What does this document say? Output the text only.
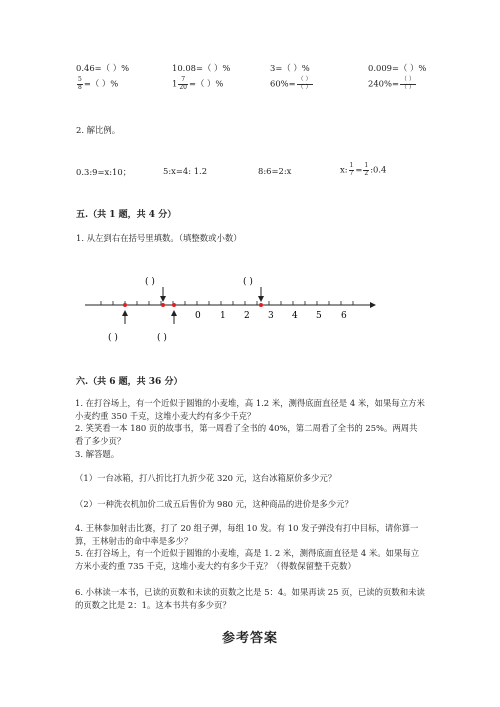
0.46=（ ）%	10.08=（ ）%	3=（ ）%	0.009=（ ）%
$\frac{5}{8}$ =（ ）%	$1 \frac{7}{20}$ =（ ）%	$60\%= \frac{( )}{( )}$	$240\%= \frac{( )}{( )}$
2. 解比例。
0.3:9=x:10；	5:x=4: 1.2	8:6=2:x	x: $\frac{1}{7} = \frac{1}{2}$ :0.4
五.（共 1 题，共 4 分）
1. 从左到右在括号里填数。（填整数或小数）
( )	( )
0 1 2 3 4 5 6
( )	( )
六.（共 6 题，共 36 分）
1. 在打谷场上，有一个近似于圆锥的小麦堆，高 1.2 米，测得底面直径是 4 米，如果每立方米小麦约重 350 千克，这堆小麦大约有多少千克？
2. 笑笑看一本 180 页的故事书，第一周看了全书的 40%，第二周看了全书的 25%。两周共看了多少页？
3. 解答题。
（1）一台冰箱，打八折比打九折少花 320 元，这台冰箱原价多少元？
（2）一种洗衣机加价二成五后售价为 980 元，这种商品的进价是多少元？
4. 王林参加射击比赛，打了 20 组子弹，每组 10 发。有 10 发子弹没有打中目标，请你算一算，王林射击的命中率是多少？
5. 在打谷场上，有一个近似于圆锥的小麦堆，高是 1. 2 米，测得底面直径是 4 米。如果每立方米小麦约重 735 千克，这堆小麦大约有多少千克？（得数保留整千克数）
6. 小林读一本书，已读的页数和未读的页数之比是 5：4。如果再读 25 页，已读的页数和未读的页数之比是 2：1。这本书共有多少页？
参考答案
